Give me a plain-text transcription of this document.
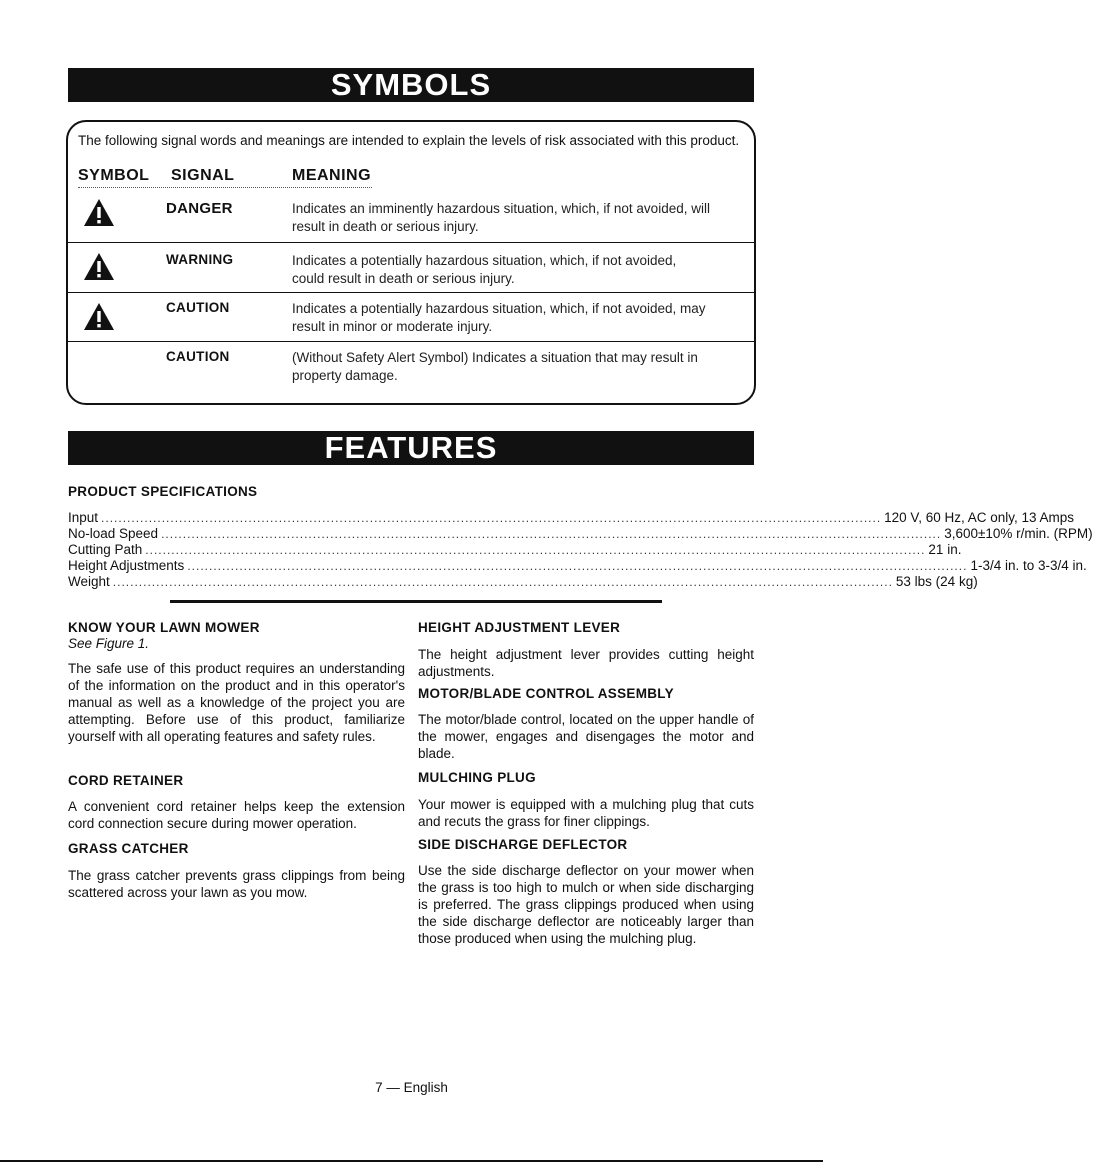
SYMBOLS
The following signal words and meanings are intended to explain the levels of risk associated with this product.
SYMBOL SIGNAL	MEANING
DANGER	Indicates an imminently hazardous situation, which, if not avoided, will result in death or serious injury.
WARNING	Indicates a potentially hazardous situation, which, if not avoided, could result in death or serious injury.
CAUTION	Indicates a potentially hazardous situation, which, if not avoided, may result in minor or moderate injury.
CAUTION	(Without Safety Alert Symbol) Indicates a situation that may result in property damage.
FEATURES
PRODUCT SPECIFICATIONS
Input .................................................................................................................................................................................... 120 V, 60 Hz, AC only, 13 Amps
No-load Speed .................................................................................................................................................................................... 3,600±10% r/min. (RPM)
Cutting Path .................................................................................................................................................................................... 21 in.
Height Adjustments .................................................................................................................................................................................... 1-3/4 in. to 3-3/4 in.
Weight .................................................................................................................................................................................... 53 lbs (24 kg)
KNOW YOUR LAWN MOWER
See Figure 1.
The safe use of this product requires an understanding of the information on the product and in this operator's manual as well as a knowledge of the project you are attempting. Before use of this product, familiarize yourself with all operating features and safety rules.
CORD RETAINER
A convenient cord retainer helps keep the extension cord connection secure during mower operation.
GRASS CATCHER
The grass catcher prevents grass clippings from being scattered across your lawn as you mow.
HEIGHT ADJUSTMENT LEVER
The height adjustment lever provides cutting height adjustments.
MOTOR/BLADE CONTROL ASSEMBLY
The motor/blade control, located on the upper handle of the mower, engages and disengages the motor and blade.
MULCHING PLUG
Your mower is equipped with a mulching plug that cuts and recuts the grass for finer clippings.
SIDE DISCHARGE DEFLECTOR
Use the side discharge deflector on your mower when the grass is too high to mulch or when side discharging is preferred. The grass clippings produced when using the side discharge deflector are noticeably larger than those produced when using the mulching plug.
7 — English
